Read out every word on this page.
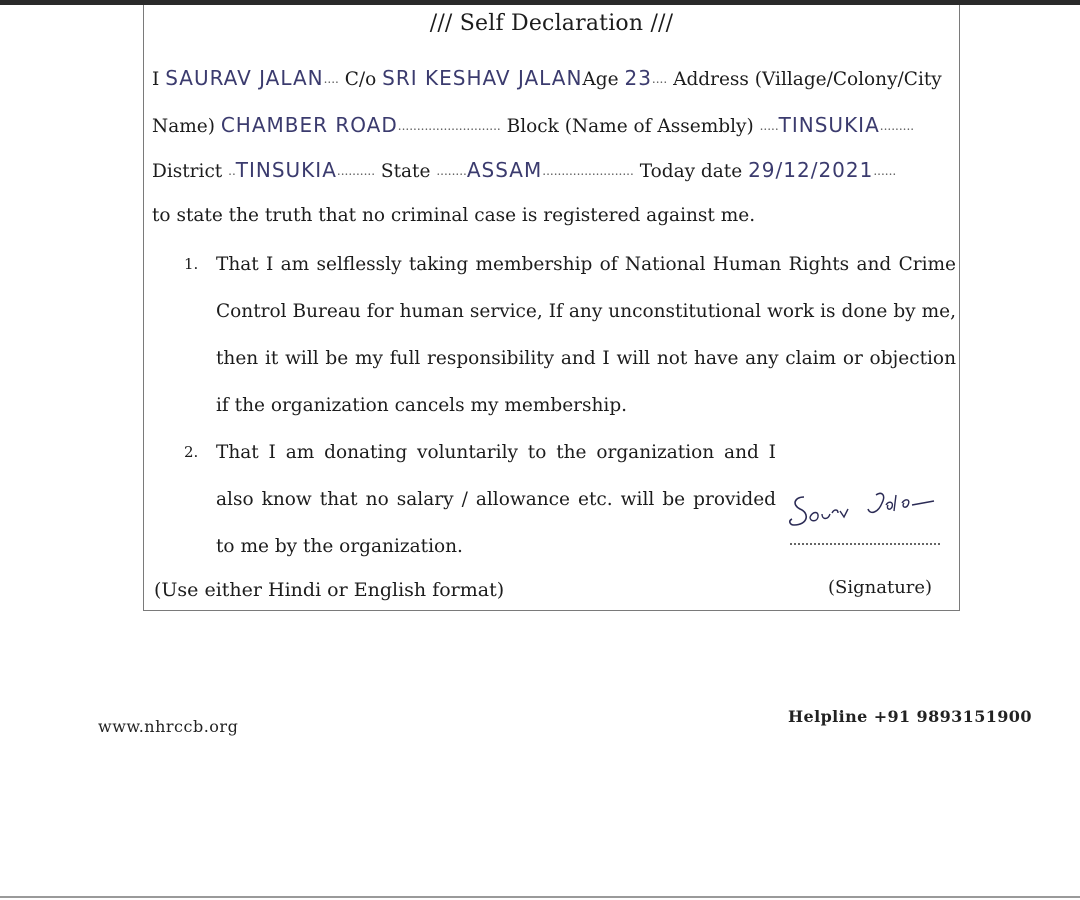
/// Self Declaration ///
I SAURAV JALAN.... C/o SRI KESHAV JALANAge 23.... Address (Village/Colony/City
Name) CHAMBER ROAD........................... Block (Name of Assembly) .....TINSUKIA.........
District ..TINSUKIA.......... State ........ASSAM........................ Today date 29/12/2021......
to state the truth that no criminal case is registered against me.
1. That I am selflessly taking membership of National Human Rights and Crime Control Bureau for human service, If any unconstitutional work is done by me, then it will be my full responsibility and I will not have any claim or objection if the organization cancels my membership.
2. That I am donating voluntarily to the organization and I also know that no salary / allowance etc. will be provided to me by the organization.
(Use either Hindi or English format)	(Signature)
www.nhrccb.org
Helpline +91 9893151900
